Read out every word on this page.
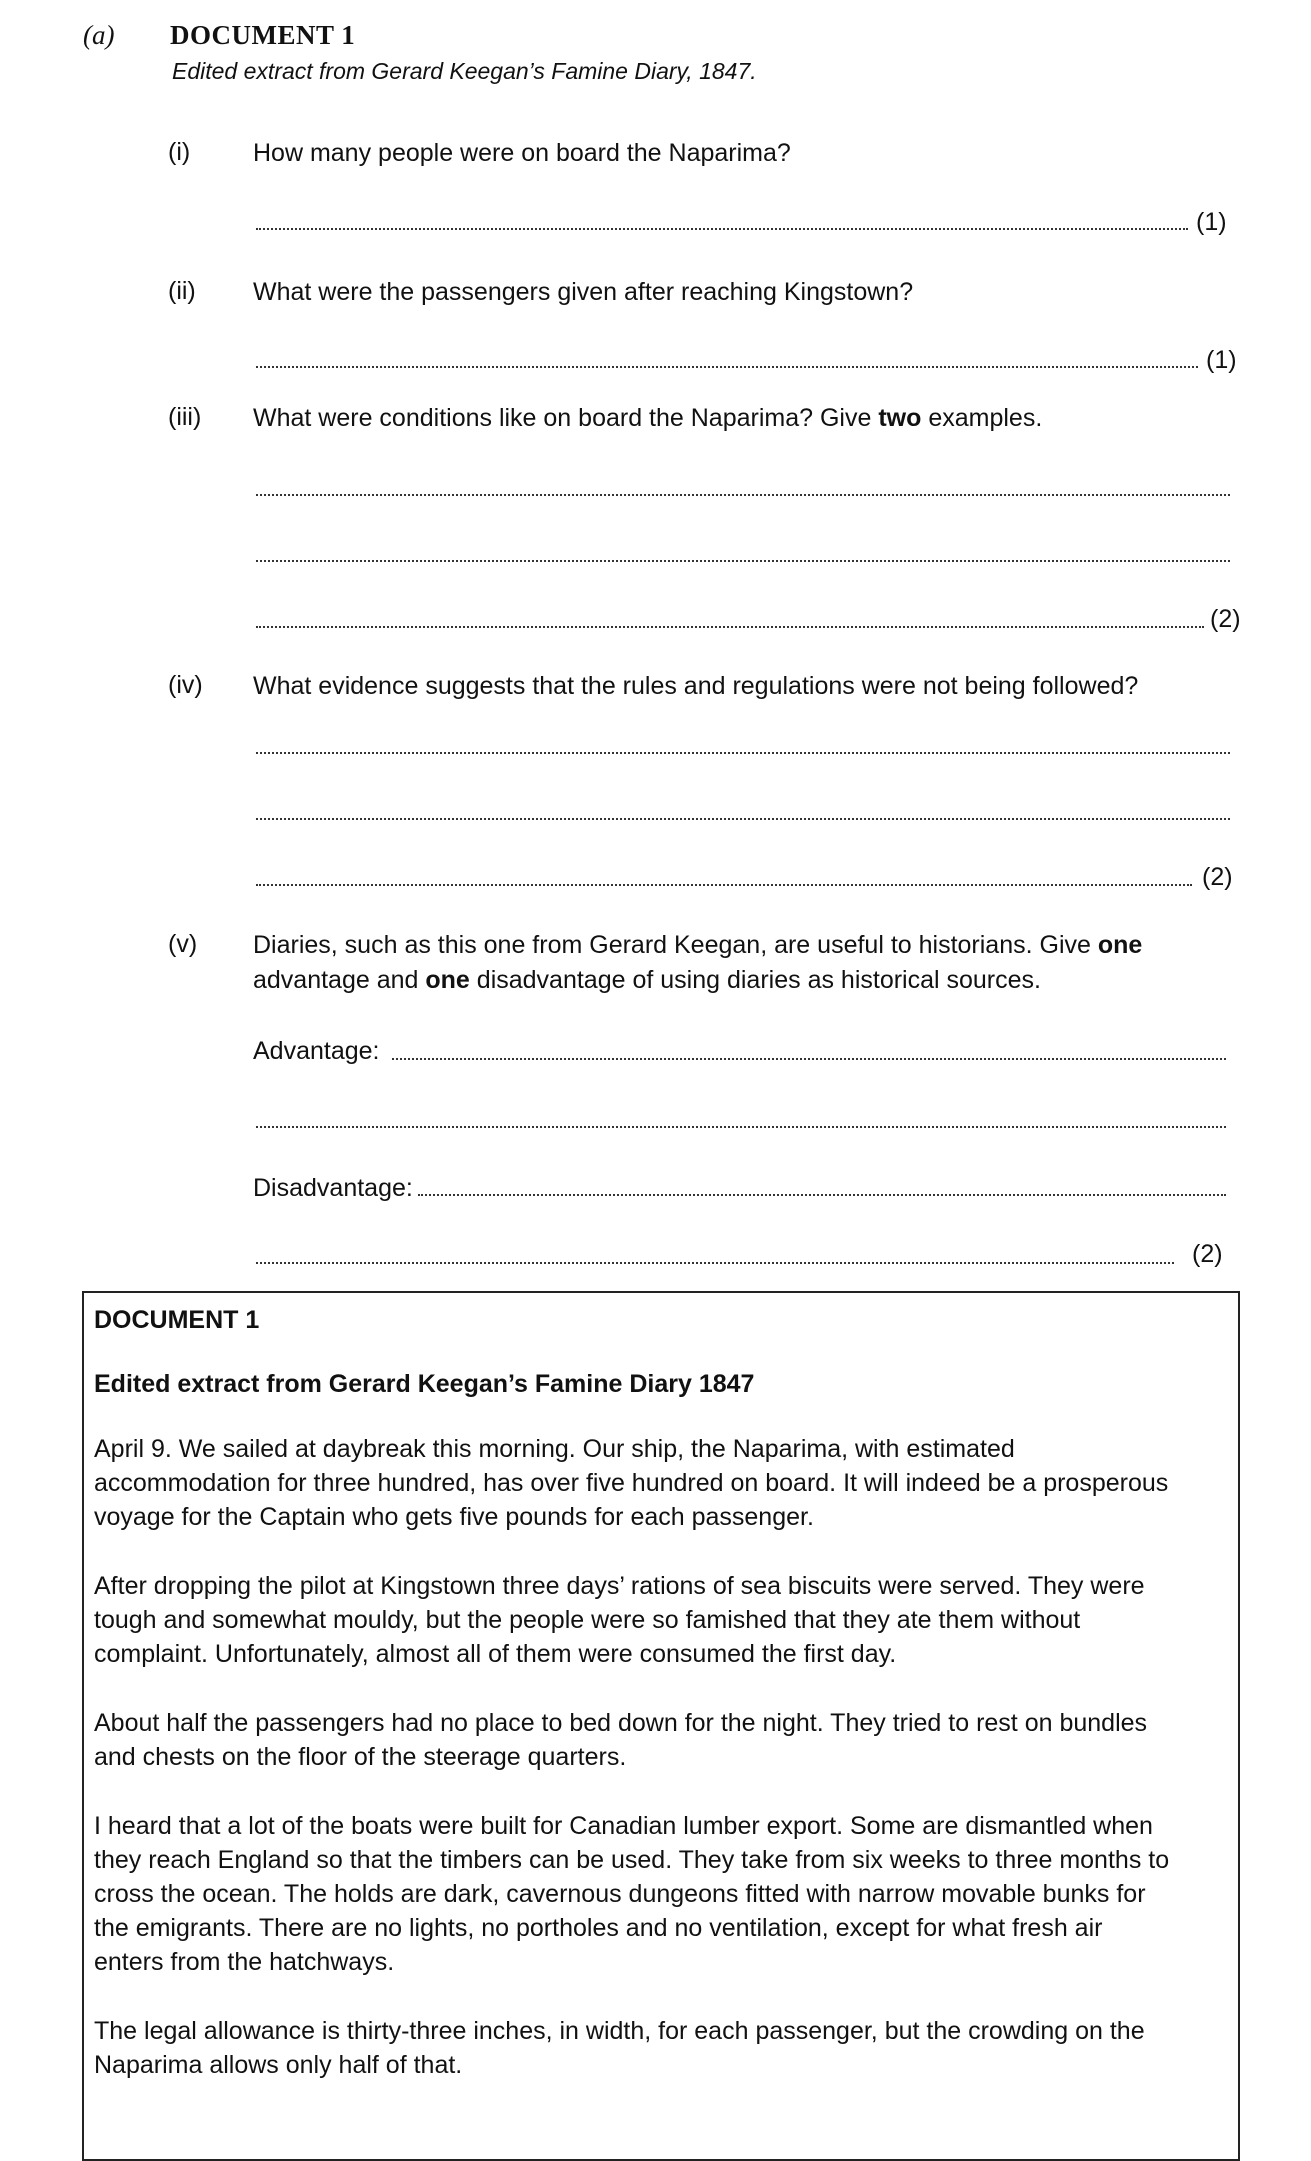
(a) DOCUMENT 1
Edited extract from Gerard Keegan’s Famine Diary, 1847.
(i)	How many people were on board the Naparima?
(1)
(ii) What were the passengers given after reaching Kingstown?
(1)
(iii) What were conditions like on board the Naparima? Give two examples.
(2)
(iv) What evidence suggests that the rules and regulations were not being followed?
(2)
(v) Diaries, such as this one from Gerard Keegan, are useful to historians. Give one
advantage and one disadvantage of using diaries as historical sources.
Advantage:
Disadvantage:
(2)
DOCUMENT 1
Edited extract from Gerard Keegan’s Famine Diary 1847
April 9. We sailed at daybreak this morning. Our ship, the Naparima, with estimated
accommodation for three hundred, has over five hundred on board. It will indeed be a prosperous
voyage for the Captain who gets five pounds for each passenger.
After dropping the pilot at Kingstown three days’ rations of sea biscuits were served. They were
tough and somewhat mouldy, but the people were so famished that they ate them without
complaint. Unfortunately, almost all of them were consumed the first day.
About half the passengers had no place to bed down for the night. They tried to rest on bundles
and chests on the floor of the steerage quarters.
I heard that a lot of the boats were built for Canadian lumber export. Some are dismantled when
they reach England so that the timbers can be used. They take from six weeks to three months to
cross the ocean. The holds are dark, cavernous dungeons fitted with narrow movable bunks for
the emigrants. There are no lights, no portholes and no ventilation, except for what fresh air
enters from the hatchways.
The legal allowance is thirty-three inches, in width, for each passenger, but the crowding on the
Naparima allows only half of that.
